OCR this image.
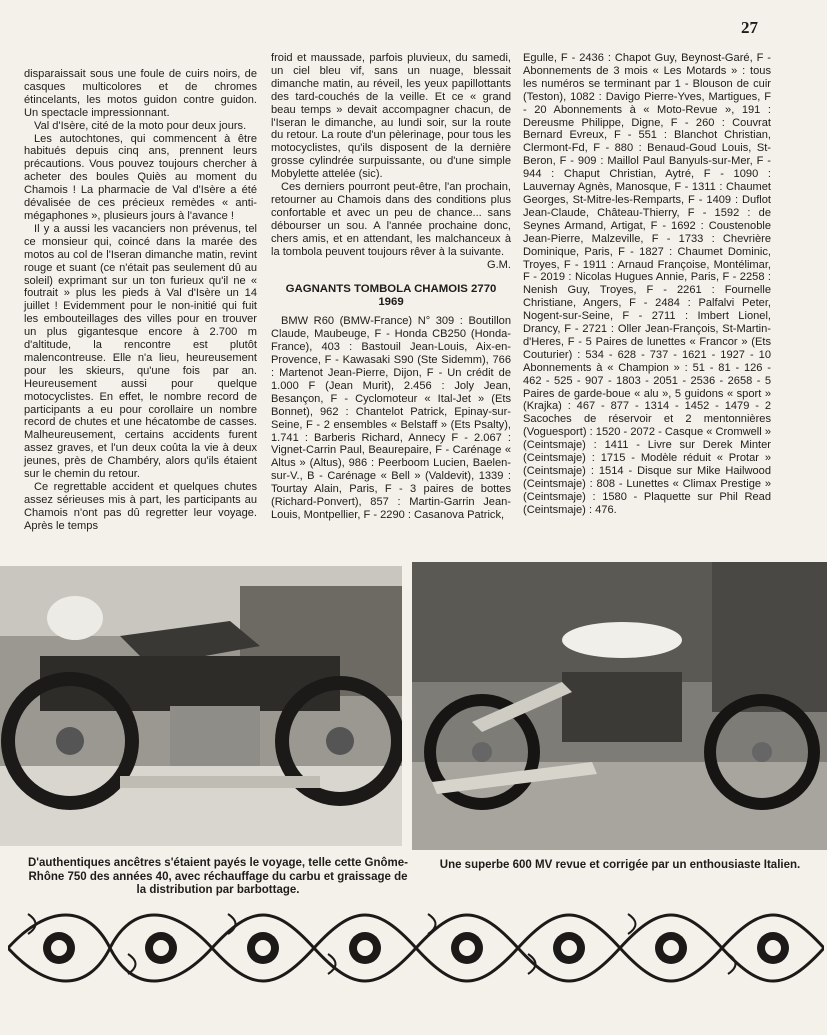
27

disparaissait sous une foule de cuirs noirs, de casques multicolores et de chromes étincelants, les motos guidon contre guidon. Un spectacle impressionnant.

Val d'Isère, cité de la moto pour deux jours.

Les autochtones, qui commencent à être habitués depuis cinq ans, prennent leurs précautions. Vous pouvez toujours chercher à acheter des boules Quiès au moment du Chamois ! La pharmacie de Val d'Isère a été dévalisée de ces précieux remèdes « anti-mégaphones », plusieurs jours à l'avance !

Il y a aussi les vacanciers non prévenus, tel ce monsieur qui, coincé dans la marée des motos au col de l'Iseran dimanche matin, revint rouge et suant (ce n'était pas seulement dû au soleil) exprimant sur un ton furieux qu'il ne « foutrait » plus les pieds à Val d'Isère un 14 juillet ! Evidemment pour le non-initié qui fuit les embouteillages des villes pour en trouver un plus gigantesque encore à 2.700 m d'altitude, la rencontre est plutôt malencontreuse. Elle n'a lieu, heureusement pour les skieurs, qu'une fois par an. Heureusement aussi pour quelque motocyclistes. En effet, le nombre record de participants a eu pour corollaire un nombre record de chutes et une hécatombe de casses. Malheureusement, certains accidents furent assez graves, et l'un deux coûta la vie à deux jeunes, près de Chambéry, alors qu'ils étaient sur le chemin du retour.

Ce regrettable accident et quelques chutes assez sérieuses mis à part, les participants au Chamois n'ont pas dû regretter leur voyage. Après le temps

froid et maussade, parfois pluvieux, du samedi, un ciel bleu vif, sans un nuage, blessait dimanche matin, au réveil, les yeux papillottants des tard-couchés de la veille. Et ce « grand beau temps » devait accompagner chacun, de l'Iseran le dimanche, au lundi soir, sur la route du retour. La route d'un pèlerinage, pour tous les motocyclistes, qu'ils disposent de la dernière grosse cylindrée surpuissante, ou d'une simple Mobylette attelée (sic).

Ces derniers pourront peut-être, l'an prochain, retourner au Chamois dans des conditions plus confortable et avec un peu de chance... sans débourser un sou. A l'année prochaine donc, chers amis, et en attendant, les malchanceux à la tombola peuvent toujours rêver à la suivante.

G.M.

GAGNANTS TOMBOLA CHAMOIS 2770
1969

BMW R60 (BMW-France) N° 309 : Boutillon Claude, Maubeuge, F - Honda CB250 (Honda-France), 403 : Bastouil Jean-Louis, Aix-en-Provence, F - Kawasaki S90 (Ste Sidemm), 766 : Martenot Jean-Pierre, Dijon, F - Un crédit de 1.000 F (Jean Murit), 2.456 : Joly Jean, Besançon, F - Cyclomoteur « Ital-Jet » (Ets Bonnet), 962 : Chantelot Patrick, Epinay-sur-Seine, F - 2 ensembles « Belstaff » (Ets Psalty), 1.741 : Barberis Richard, Annecy F - 2.067 : Vignet-Carrin Paul, Beaurepaire, F - Carénage « Altus » (Altus), 986 : Peerboom Lucien, Baelen-sur-V., B - Carénage « Bell » (Valdevit), 1339 : Tourtay Alain, Paris, F - 3 paires de bottes (Richard-Ponvert), 857 : Martin-Garrin Jean-Louis, Montpellier, F - 2290 : Casanova Patrick,

Egulle, F - 2436 : Chapot Guy, Beynost-Garé, F - Abonnements de 3 mois « Les Motards » : tous les numéros se terminant par 1 - Blouson de cuir (Teston), 1082 : Davigo Pierre-Yves, Martigues, F - 20 Abonnements à « Moto-Revue », 191 : Dereusme Philippe, Digne, F - 260 : Couvrat Bernard Evreux, F - 551 : Blanchot Christian, Clermont-Fd, F - 880 : Benaud-Goud Louis, St-Beron, F - 909 : Maillol Paul Banyuls-sur-Mer, F - 944 : Chaput Christian, Aytré, F - 1090 : Lauvernay Agnès, Manosque, F - 1311 : Chaumet Georges, St-Mitre-les-Remparts, F - 1409 : Duflot Jean-Claude, Château-Thierry, F - 1592 : de Seynes Armand, Artigat, F - 1692 : Coustenoble Jean-Pierre, Malzeville, F - 1733 : Chevrière Dominique, Paris, F - 1827 : Chaumet Dominic, Troyes, F - 1911 : Arnaud Françoise, Montélimar, F - 2019 : Nicolas Hugues Annie, Paris, F - 2258 : Nenish Guy, Troyes, F - 2261 : Fournelle Christiane, Angers, F - 2484 : Palfalvi Peter, Nogent-sur-Seine, F - 2711 : Imbert Lionel, Drancy, F - 2721 : Oller Jean-François, St-Martin-d'Heres, F - 5 Paires de lunettes « Francor » (Ets Couturier) : 534 - 628 - 737 - 1621 - 1927 - 10 Abonnements à « Champion » : 51 - 81 - 126 - 462 - 525 - 907 - 1803 - 2051 - 2536 - 2658 - 5 Paires de garde-boue « alu », 5 guidons « sport » (Krajka) : 467 - 877 - 1314 - 1452 - 1479 - 2 Sacoches de réservoir et 2 mentonnières (Voguesport) : 1520 - 2072 - Casque « Cromwell » (Ceintsmaje) : 1411 - Livre sur Derek Minter (Ceintsmaje) : 1715 - Modèle réduit « Protar » (Ceintsmaje) : 1514 - Disque sur Mike Hailwood (Ceintsmaje) : 808 - Lunettes « Climax Prestige » (Ceintsmaje) : 1580 - Plaquette sur Phil Read (Ceintsmaje) : 476.

D'authentiques ancêtres s'étaient payés le voyage, telle cette Gnôme-Rhône 750 des années 40, avec réchauffage du carbu et graissage de la distribution par barbottage.
Une superbe 600 MV revue et corrigée par un enthousiaste Italien.
